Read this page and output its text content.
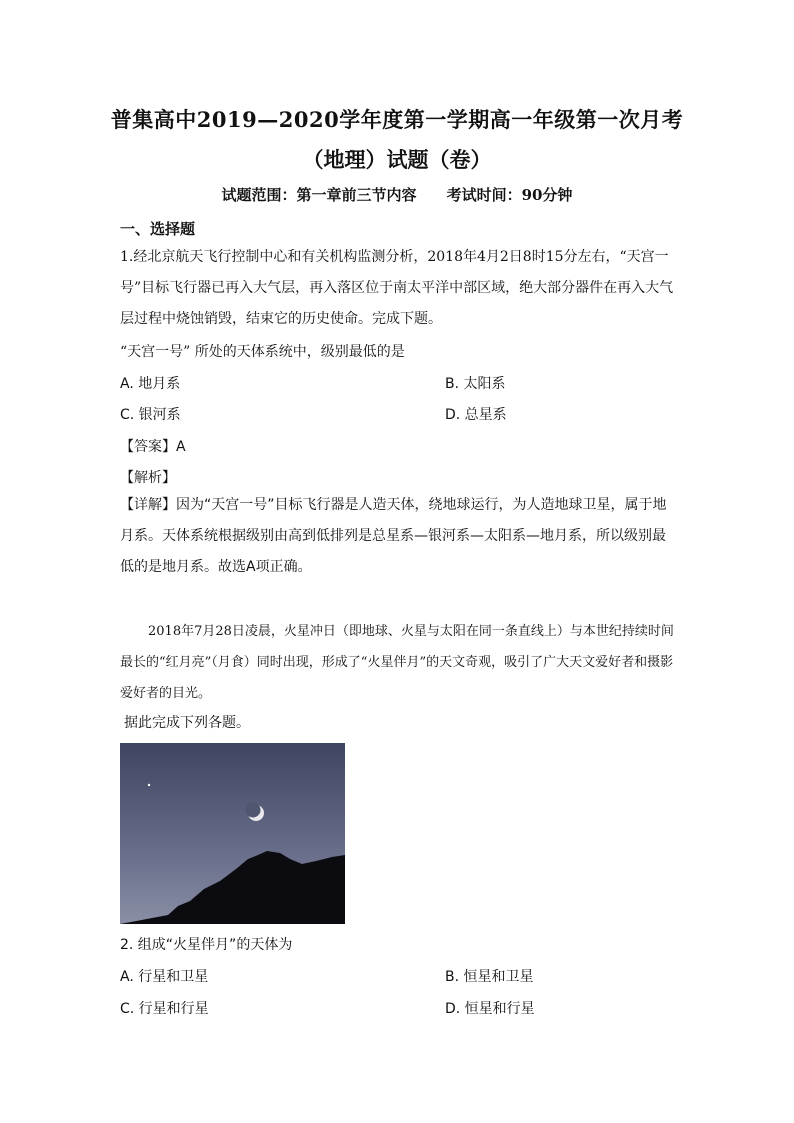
普集高中2019—2020学年度第一学期高一年级第一次月考
（地理）试题（卷）
试题范围：第一章前三节内容 考试时间：90分钟
一、选择题
1.经北京航天飞行控制中心和有关机构监测分析，2018年4月2日8时15分左右，“天宫一号”目标飞行器已再入大气层，再入落区位于南太平洋中部区域，绝大部分器件在再入大气层过程中烧蚀销毁，结束它的历史使命。完成下题。
“天宫一号” 所处的天体系统中，级别最低的是
A. 地月系	B. 太阳系
C. 银河系	D. 总星系
【答案】A
【解析】
【详解】因为“天宫一号”目标飞行器是人造天体，绕地球运行，为人造地球卫星，属于地月系。天体系统根据级别由高到低排列是总星系—银河系—太阳系—地月系，所以级别最低的是地月系。故选A项正确。
2018年7月28日凌晨，火星冲日（即地球、火星与太阳在同一条直线上）与本世纪持续时间最长的“红月亮”（月食）同时出现，形成了“火星伴月”的天文奇观，吸引了广大天文爱好者和摄影爱好者的目光。
据此完成下列各题。
2. 组成“火星伴月”的天体为
A. 行星和卫星	B. 恒星和卫星
C. 行星和行星	D. 恒星和行星
